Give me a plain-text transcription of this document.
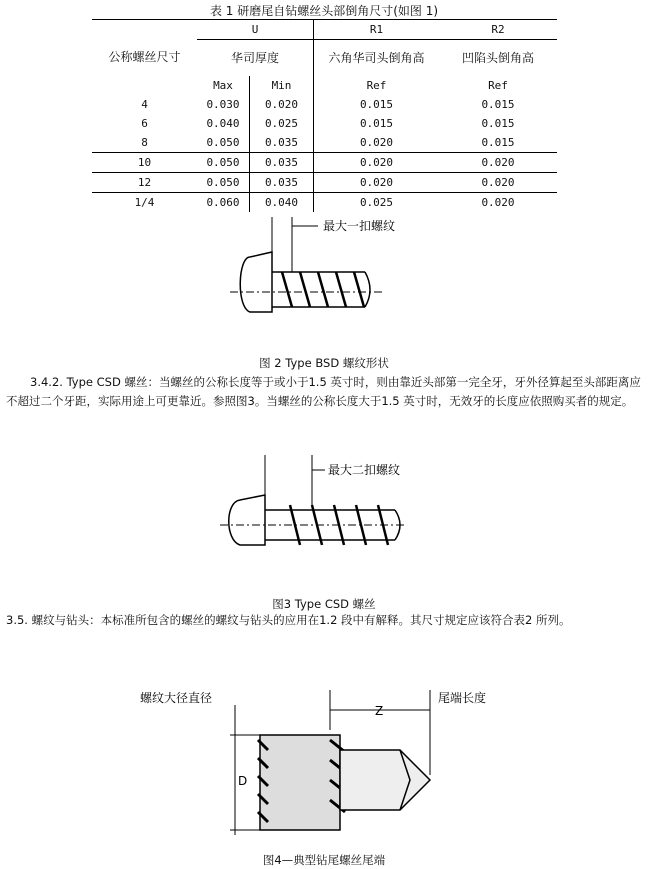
表 1 研磨尾自钻螺丝头部倒角尺寸(如图 1)
公称螺丝尺寸	U		R1	R2
	华司厚度		六角华司头倒角高	凹陷头倒角高
	Max	Min	Ref	Ref
4	0.030	0.020	0.015	0.015
6	0.040	0.025	0.015	0.015
8	0.050	0.035	0.020	0.015
10	0.050	0.035	0.020	0.020
12	0.050	0.035	0.020	0.020
1/4	0.060	0.040	0.025	0.020
最大一扣螺纹
图 2 Type BSD 螺纹形状
3.4.2. Type CSD 螺丝：当螺丝的公称长度等于或小于1.5 英寸时，则由靠近头部第一完全牙，牙外径算起至头部距离应不超过二个牙距，实际用途上可更靠近。参照图3。当螺丝的公称长度大于1.5 英寸时，无效牙的长度应依照购买者的规定。
最大二扣螺纹
图3 Type CSD 螺丝
3.5. 螺纹与钻头：本标准所包含的螺丝的螺纹与钻头的应用在1.2 段中有解释。其尺寸规定应该符合表2 所列。
螺纹大径直径
Z
尾端长度
D
图4—典型钻尾螺丝尾端
